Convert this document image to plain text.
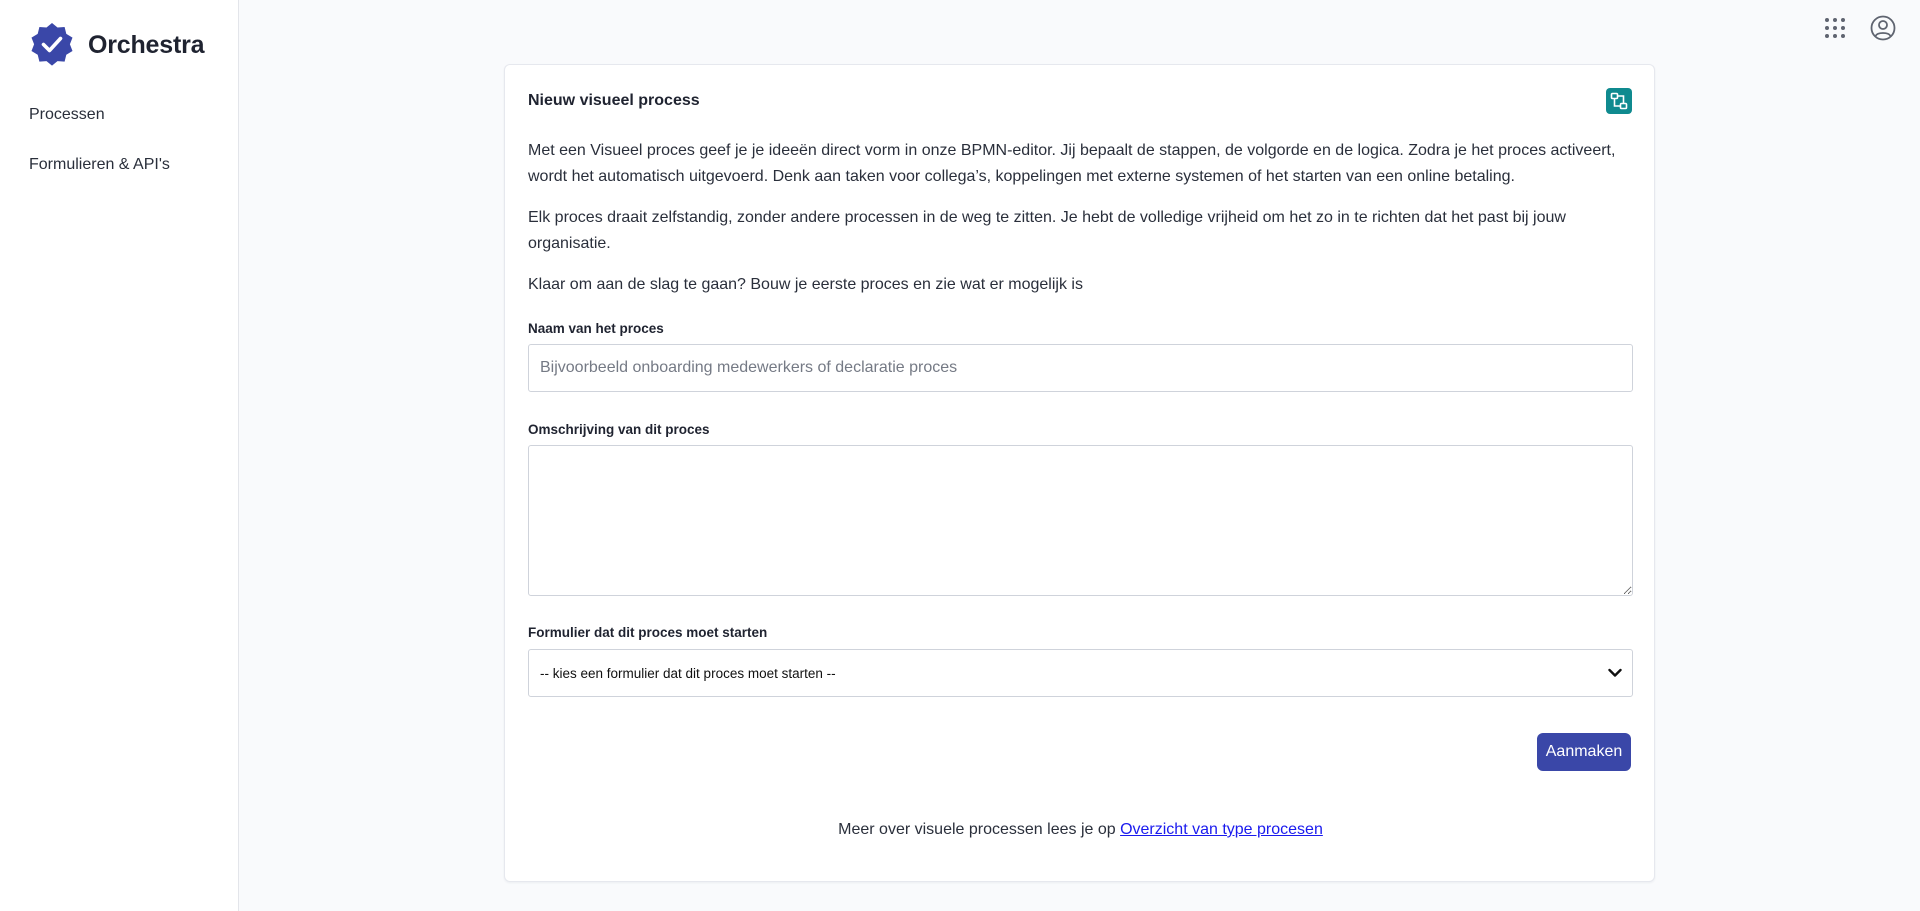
Orchestra
Processen
Formulieren & API's
Nieuw visueel process

Met een Visueel proces geef je je ideeën direct vorm in onze BPMN-editor. Jij bepaalt de stappen, de volgorde en de logica. Zodra je het proces activeert, wordt het automatisch uitgevoerd. Denk aan taken voor collega’s, koppelingen met externe systemen of het starten van een online betaling.

Elk proces draait zelfstandig, zonder andere processen in de weg te zitten. Je hebt de volledige vrijheid om het zo in te richten dat het past bij jouw organisatie.

Klaar om aan de slag te gaan? Bouw je eerste proces en zie wat er mogelijk is

Naam van het proces
Bijvoorbeeld onboarding medewerkers of declaratie proces
Omschrijving van dit proces
Formulier dat dit proces moet starten
-- kies een formulier dat dit proces moet starten --
Aanmaken
Meer over visuele processen lees je op Overzicht van type procesen
